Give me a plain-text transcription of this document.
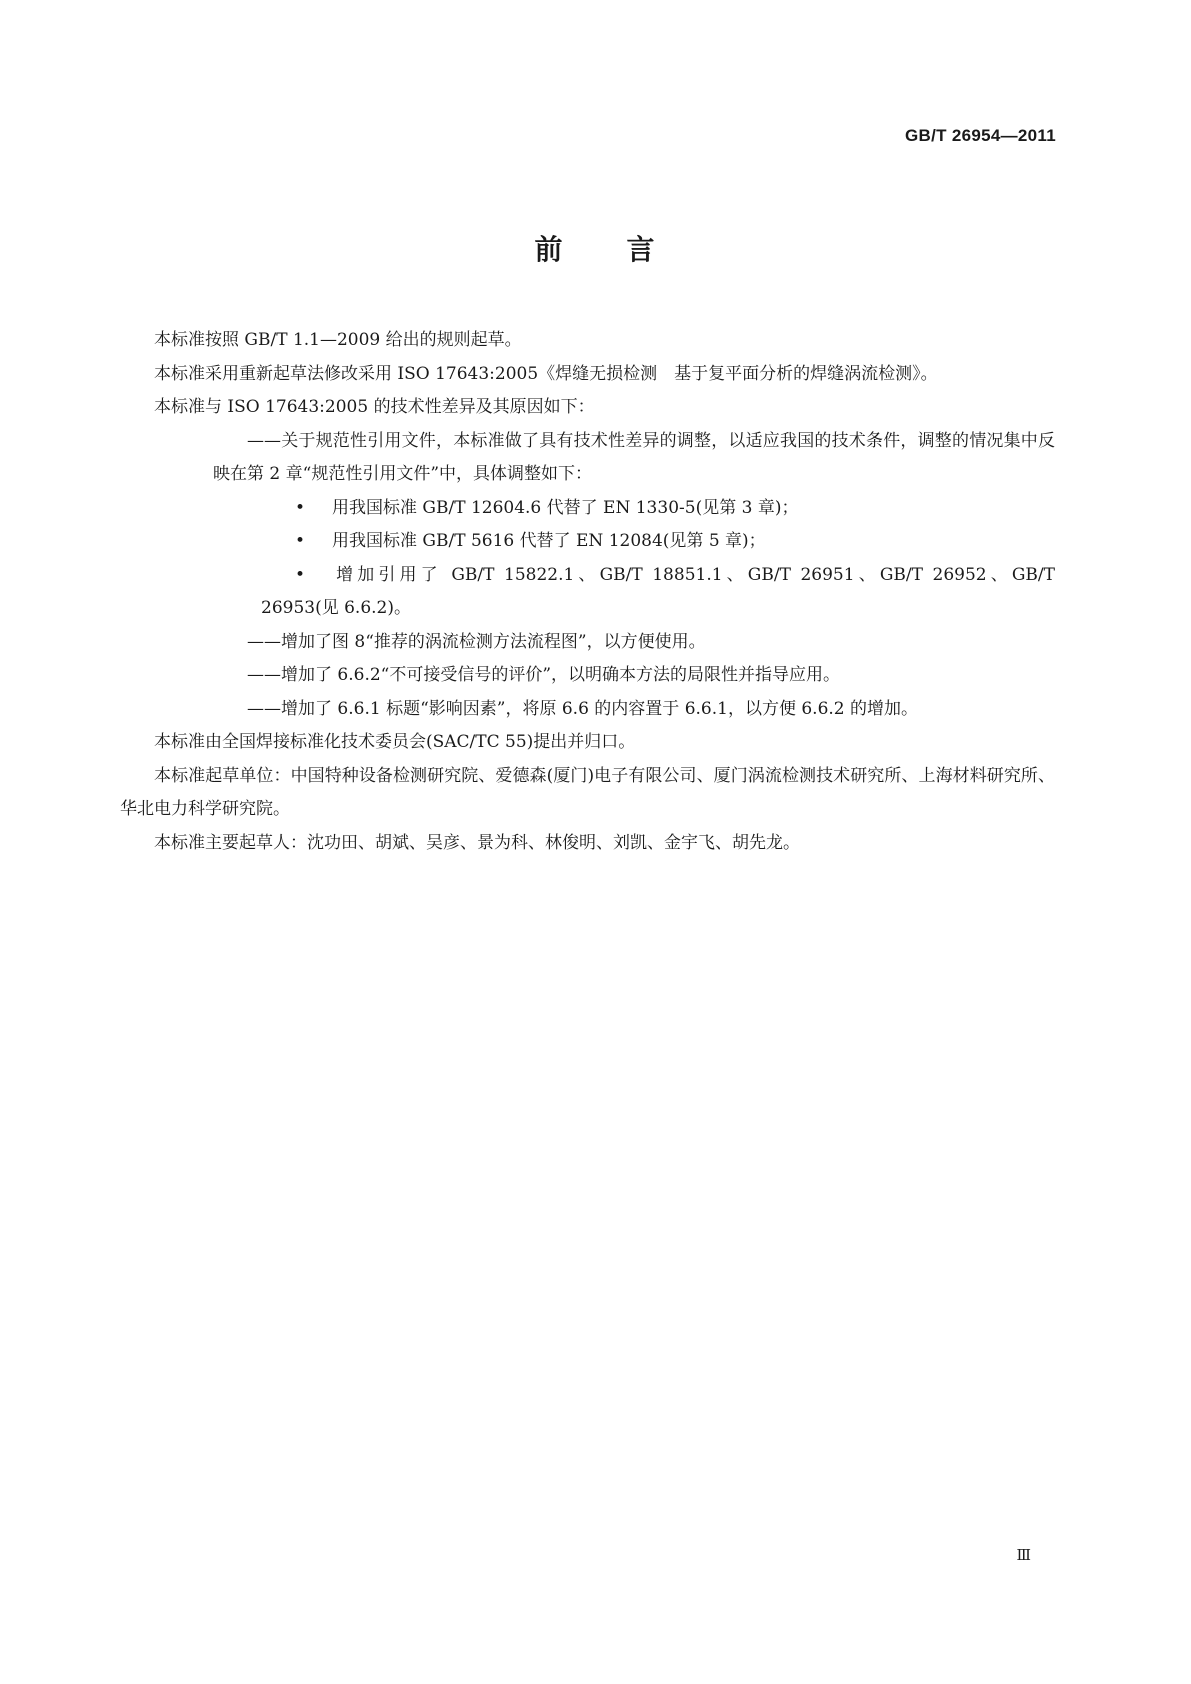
GB/T 26954—2011
前 言

本标准按照 GB/T 1.1—2009 给出的规则起草。

本标准采用重新起草法修改采用 ISO 17643:2005《焊缝无损检测　基于复平面分析的焊缝涡流检测》。

本标准与 ISO 17643:2005 的技术性差异及其原因如下：

——关于规范性引用文件，本标准做了具有技术性差异的调整，以适应我国的技术条件，调整的情况集中反映在第 2 章“规范性引用文件”中，具体调整如下：

• 用我国标准 GB/T 12604.6 代替了 EN 1330-5(见第 3 章)；

• 用我国标准 GB/T 5616 代替了 EN 12084(见第 5 章)；

• 增加引用了 GB/T 15822.1、GB/T 18851.1、GB/T 26951、GB/T 26952、GB/T 26953(见 6.6.2)。

——增加了图 8“推荐的涡流检测方法流程图”，以方便使用。

——增加了 6.6.2“不可接受信号的评价”，以明确本方法的局限性并指导应用。

——增加了 6.6.1 标题“影响因素”，将原 6.6 的内容置于 6.6.1，以方便 6.6.2 的增加。

本标准由全国焊接标准化技术委员会(SAC/TC 55)提出并归口。

本标准起草单位：中国特种设备检测研究院、爱德森(厦门)电子有限公司、厦门涡流检测技术研究所、上海材料研究所、华北电力科学研究院。

本标准主要起草人：沈功田、胡斌、吴彦、景为科、林俊明、刘凯、金宇飞、胡先龙。

Ⅲ
